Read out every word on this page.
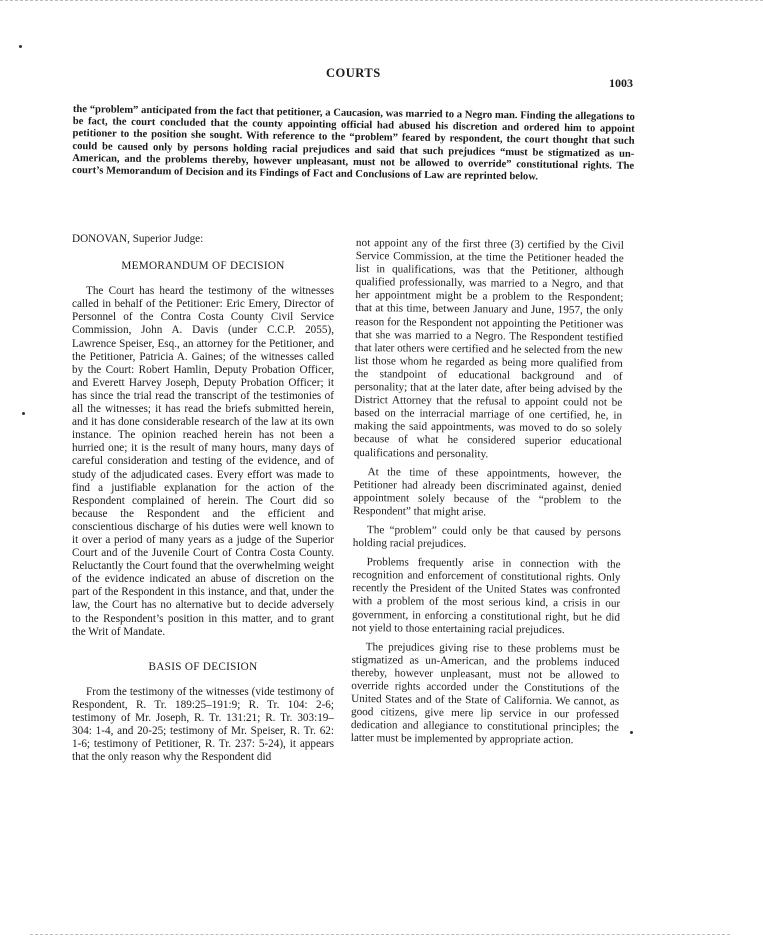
COURTS
1003
the “problem” anticipated from the fact that petitioner, a Caucasion, was married to a Negro man. Finding the allegations to be fact, the court concluded that the county appointing official had abused his discretion and ordered him to appoint petitioner to the position she sought. With reference to the “problem” feared by respondent, the court thought that such could be caused only by persons holding racial prejudices and said that such prejudices “must be stigmatized as un-American, and the problems thereby, however unpleasant, must not be allowed to override” constitutional rights. The court’s Memorandum of Decision and its Findings of Fact and Conclusions of Law are reprinted below.
DONOVAN, Superior Judge:
MEMORANDUM OF DECISION
The Court has heard the testimony of the witnesses called in behalf of the Petitioner: Eric Emery, Director of Personnel of the Contra Costa County Civil Service Commission, John A. Davis (under C.C.P. 2055), Lawrence Speiser, Esq., an attorney for the Petitioner, and the Petitioner, Patricia A. Gaines; of the witnesses called by the Court: Robert Hamlin, Deputy Probation Officer, and Everett Harvey Joseph, Deputy Probation Officer; it has since the trial read the transcript of the testimonies of all the witnesses; it has read the briefs submitted herein, and it has done considerable research of the law at its own instance. The opinion reached herein has not been a hurried one; it is the result of many hours, many days of careful consideration and testing of the evidence, and of study of the adjudicated cases. Every effort was made to find a justifiable explanation for the action of the Respondent complained of herein. The Court did so because the Respondent and the efficient and conscientious discharge of his duties were well known to it over a period of many years as a judge of the Superior Court and of the Juvenile Court of Contra Costa County. Reluctantly the Court found that the overwhelming weight of the evidence indicated an abuse of discretion on the part of the Respondent in this instance, and that, under the law, the Court has no alternative but to decide adversely to the Respondent’s position in this matter, and to grant the Writ of Mandate.
BASIS OF DECISION
From the testimony of the witnesses (vide testimony of Respondent, R. Tr. 189:25–191:9; R. Tr. 104: 2-6; testimony of Mr. Joseph, R. Tr. 131:21; R. Tr. 303:19–304: 1-4, and 20-25; testimony of Mr. Speiser, R. Tr. 62: 1-6; testimony of Petitioner, R. Tr. 237: 5-24), it appears that the only reason why the Respondent did
not appoint any of the first three (3) certified by the Civil Service Commission, at the time the Petitioner headed the list in qualifications, was that the Petitioner, although qualified professionally, was married to a Negro, and that her appointment might be a problem to the Respondent; that at this time, between January and June, 1957, the only reason for the Respondent not appointing the Petitioner was that she was married to a Negro. The Respondent testified that later others were certified and he selected from the new list those whom he regarded as being more qualified from the standpoint of educational background and of personality; that at the later date, after being advised by the District Attorney that the refusal to appoint could not be based on the interracial marriage of one certified, he, in making the said appointments, was moved to do so solely because of what he considered superior educational qualifications and personality.
At the time of these appointments, however, the Petitioner had already been discriminated against, denied appointment solely because of the “problem to the Respondent” that might arise.
The “problem” could only be that caused by persons holding racial prejudices.
Problems frequently arise in connection with the recognition and enforcement of constitutional rights. Only recently the President of the United States was confronted with a problem of the most serious kind, a crisis in our government, in enforcing a constitutional right, but he did not yield to those entertaining racial prejudices.
The prejudices giving rise to these problems must be stigmatized as un-American, and the problems induced thereby, however unpleasant, must not be allowed to override rights accorded under the Constitutions of the United States and of the State of California. We cannot, as good citizens, give mere lip service in our professed dedication and allegiance to constitutional principles; the latter must be implemented by appropriate action.
